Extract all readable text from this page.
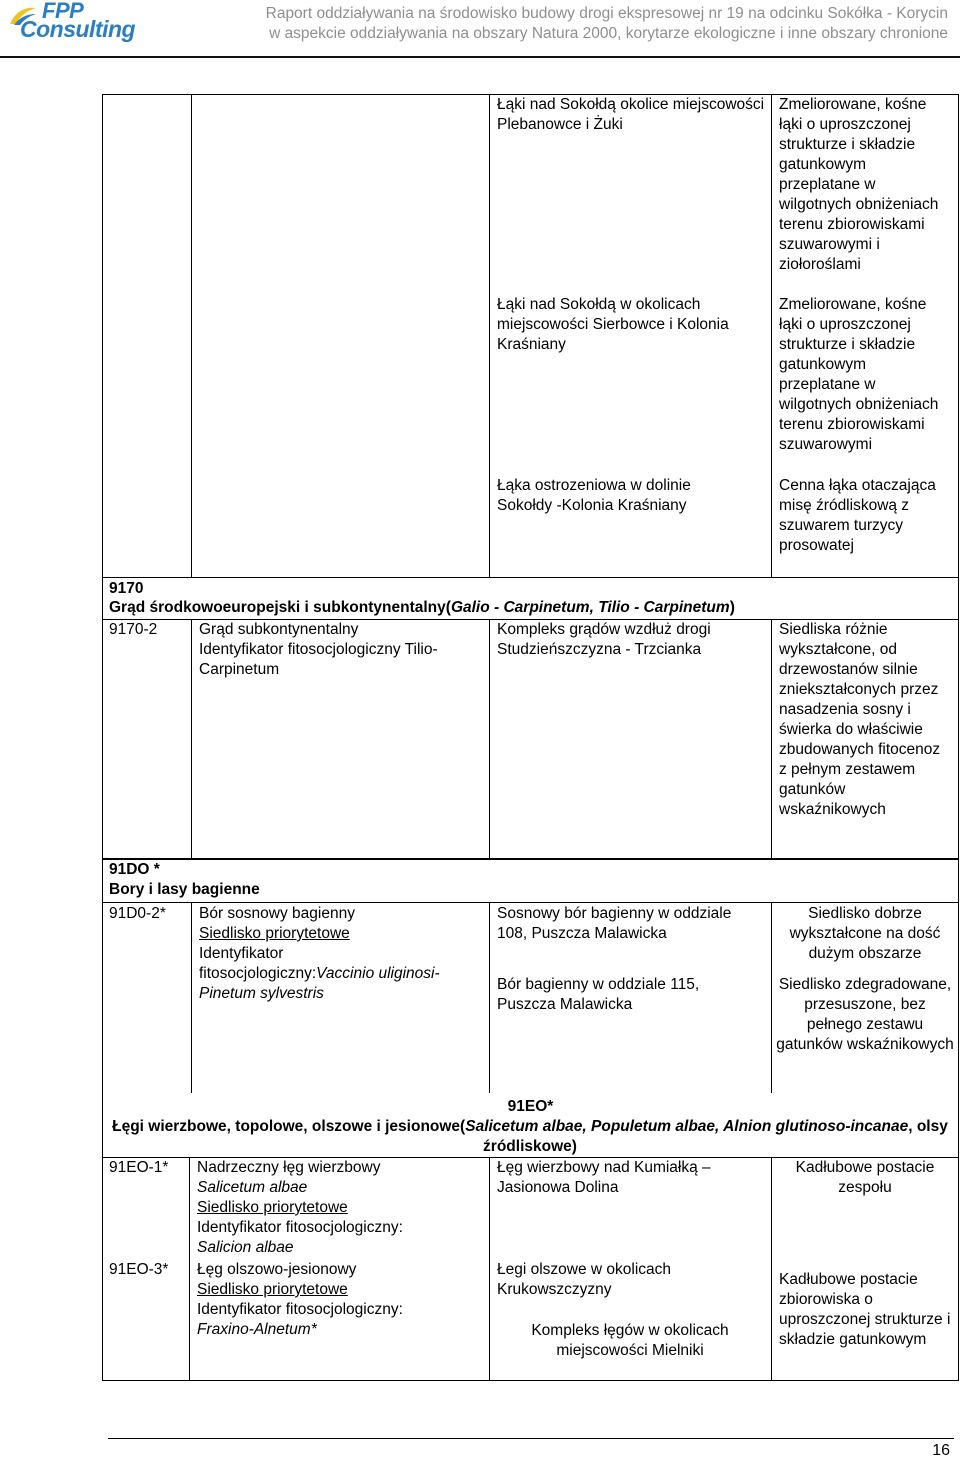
FPP
Consulting
Raport oddziaływania na środowisko budowy drogi ekspresowej nr 19 na odcinku Sokółka - Korycin
w aspekcie oddziaływania na obszary Natura 2000, korytarze ekologiczne i inne obszary chronione
Łąki nad Sokołdą okolice miejscowości Plebanowce i Żuki
Zmeliorowane, kośne łąki o uproszczonej strukturze i składzie gatunkowym przeplatane w wilgotnych obniżeniach terenu zbiorowiskami szuwarowymi i ziołoroślami
Łąki nad Sokołdą w okolicach miejscowości Sierbowce i Kolonia Kraśniany
Zmeliorowane, kośne łąki o uproszczonej strukturze i składzie gatunkowym przeplatane w wilgotnych obniżeniach terenu zbiorowiskami szuwarowymi
Łąka ostrozeniowa w dolinie Sokołdy -Kolonia Kraśniany
Cenna łąka otaczająca misę źródliskową z szuwarem turzycy prosowatej
9170
Grąd środkowoeuropejski i subkontynentalny(Galio - Carpinetum, Tilio - Carpinetum)
9170-2	Grąd subkontynentalny
Identyfikator fitosocjologiczny Tilio-Carpinetum
Kompleks grądów wzdłuż drogi Studzieńszczyzna - Trzcianka
Siedliska różnie wykształcone, od drzewostanów silnie zniekształconych przez nasadzenia sosny i świerka do właściwie zbudowanych fitocenoz z pełnym zestawem gatunków wskaźnikowych
91DO *
Bory i lasy bagienne
91D0-2* Bór sosnowy bagienny
Siedlisko priorytetowe
Identyfikator
fitosocjologiczny:Vaccinio uliginosi-
Pinetum sylvestris
Sosnowy bór bagienny w oddziale 108, Puszcza Malawicka
Siedlisko dobrze wykształcone na dość dużym obszarze
Bór bagienny w oddziale 115, Puszcza Malawicka
Siedlisko zdegradowane, przesuszone, bez pełnego zestawu gatunków wskaźnikowych
91EO*
Łęgi wierzbowe, topolowe, olszowe i jesionowe(Salicetum albae, Populetum albae, Alnion glutinoso-incanae, olsy źródliskowe)
91EO-1* Nadrzeczny łęg wierzbowy
Salicetum albae
Siedlisko priorytetowe
Identyfikator fitosocjologiczny:
Salicion albae
Łęg wierzbowy nad Kumiałką – Jasionowa Dolina
Kadłubowe postacie zespołu
91EO-3* Łęg olszowo-jesionowy
Siedlisko priorytetowe
Identyfikator fitosocjologiczny:
Fraxino-Alnetum*
Łegi olszowe w okolicach Krukowszczyzny
Kompleks łęgów w okolicach miejscowości Mielniki
Kadłubowe postacie zbiorowiska o uproszczonej strukturze i składzie gatunkowym
16
